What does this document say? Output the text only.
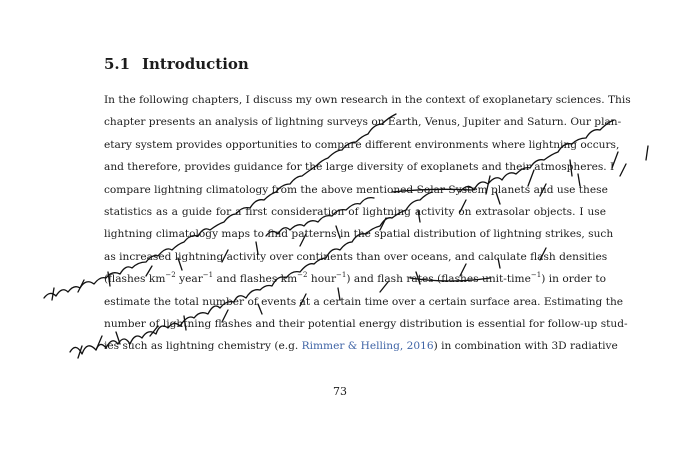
5.1 Introduction
In the following chapters, I discuss my own research in the context of exoplanetary sciences. This
chapter presents an analysis of lightning surveys on Earth, Venus, Jupiter and Saturn. Our plan-
etary system provides opportunities to compare different environments where lightning occurs,
and therefore, provides guidance for the large diversity of exoplanets and their atmospheres. I
compare lightning climatology from the above mentioned Solar System planets and use these
statistics as a guide for a first consideration of lightning activity on extrasolar objects. I use
lightning climatology maps to find patterns in the spatial distribution of lightning strikes, such
as increased lightning activity over continents than over oceans, and calculate flash densities
(flashes $km^{-2}$ year$^{-1}$ and flashes $km^{-2}$ hour$^{-1}$) and flash rates (flashes unit-time$^{-1}$) in order to
estimate the total number of events at a certain time over a certain surface area. Estimating the
number of lightning flashes and their potential energy distribution is essential for follow-up stud-
ies such as lightning chemistry (e.g. Rimmer & Helling, 2016) in combination with 3D radiative
73
